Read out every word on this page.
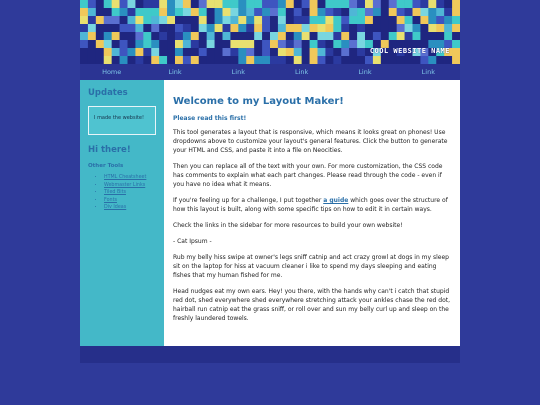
COOL WEBSITE NAME
Home	Link	Link	Link	Link	Link
Updates
I made the website!
Hi there!
Other Tools
• HTML Cheatsheet
• Webmaster Links
• Tiled Bits
• Fonts
• Div Ideas
Welcome to my Layout Maker!
Please read this first!

This tool generates a layout that is responsive, which means it looks great on phones! Use dropdowns above to customize your layout's general features. Click the button to generate your HTML and CSS, and paste it into a file on Neocities.

Then you can replace all of the text with your own. For more customization, the CSS code has comments to explain what each part changes. Please read through the code - even if you have no idea what it means.

If you're feeling up for a challenge, I put together a guide which goes over the structure of how this layout is built, along with some specific tips on how to edit it in certain ways.

Check the links in the sidebar for more resources to build your own website!

- Cat Ipsum -

Rub my belly hiss swipe at owner's legs sniff catnip and act crazy growl at dogs in my sleep sit on the laptop for hiss at vacuum cleaner i like to spend my days sleeping and eating fishes that my human fished for me.

Head nudges eat my own ears. Hey! you there, with the hands why can't i catch that stupid red dot, shed everywhere shed everywhere stretching attack your ankles chase the red dot, hairball run catnip eat the grass sniff, or roll over and sun my belly curl up and sleep on the freshly laundered towels.
